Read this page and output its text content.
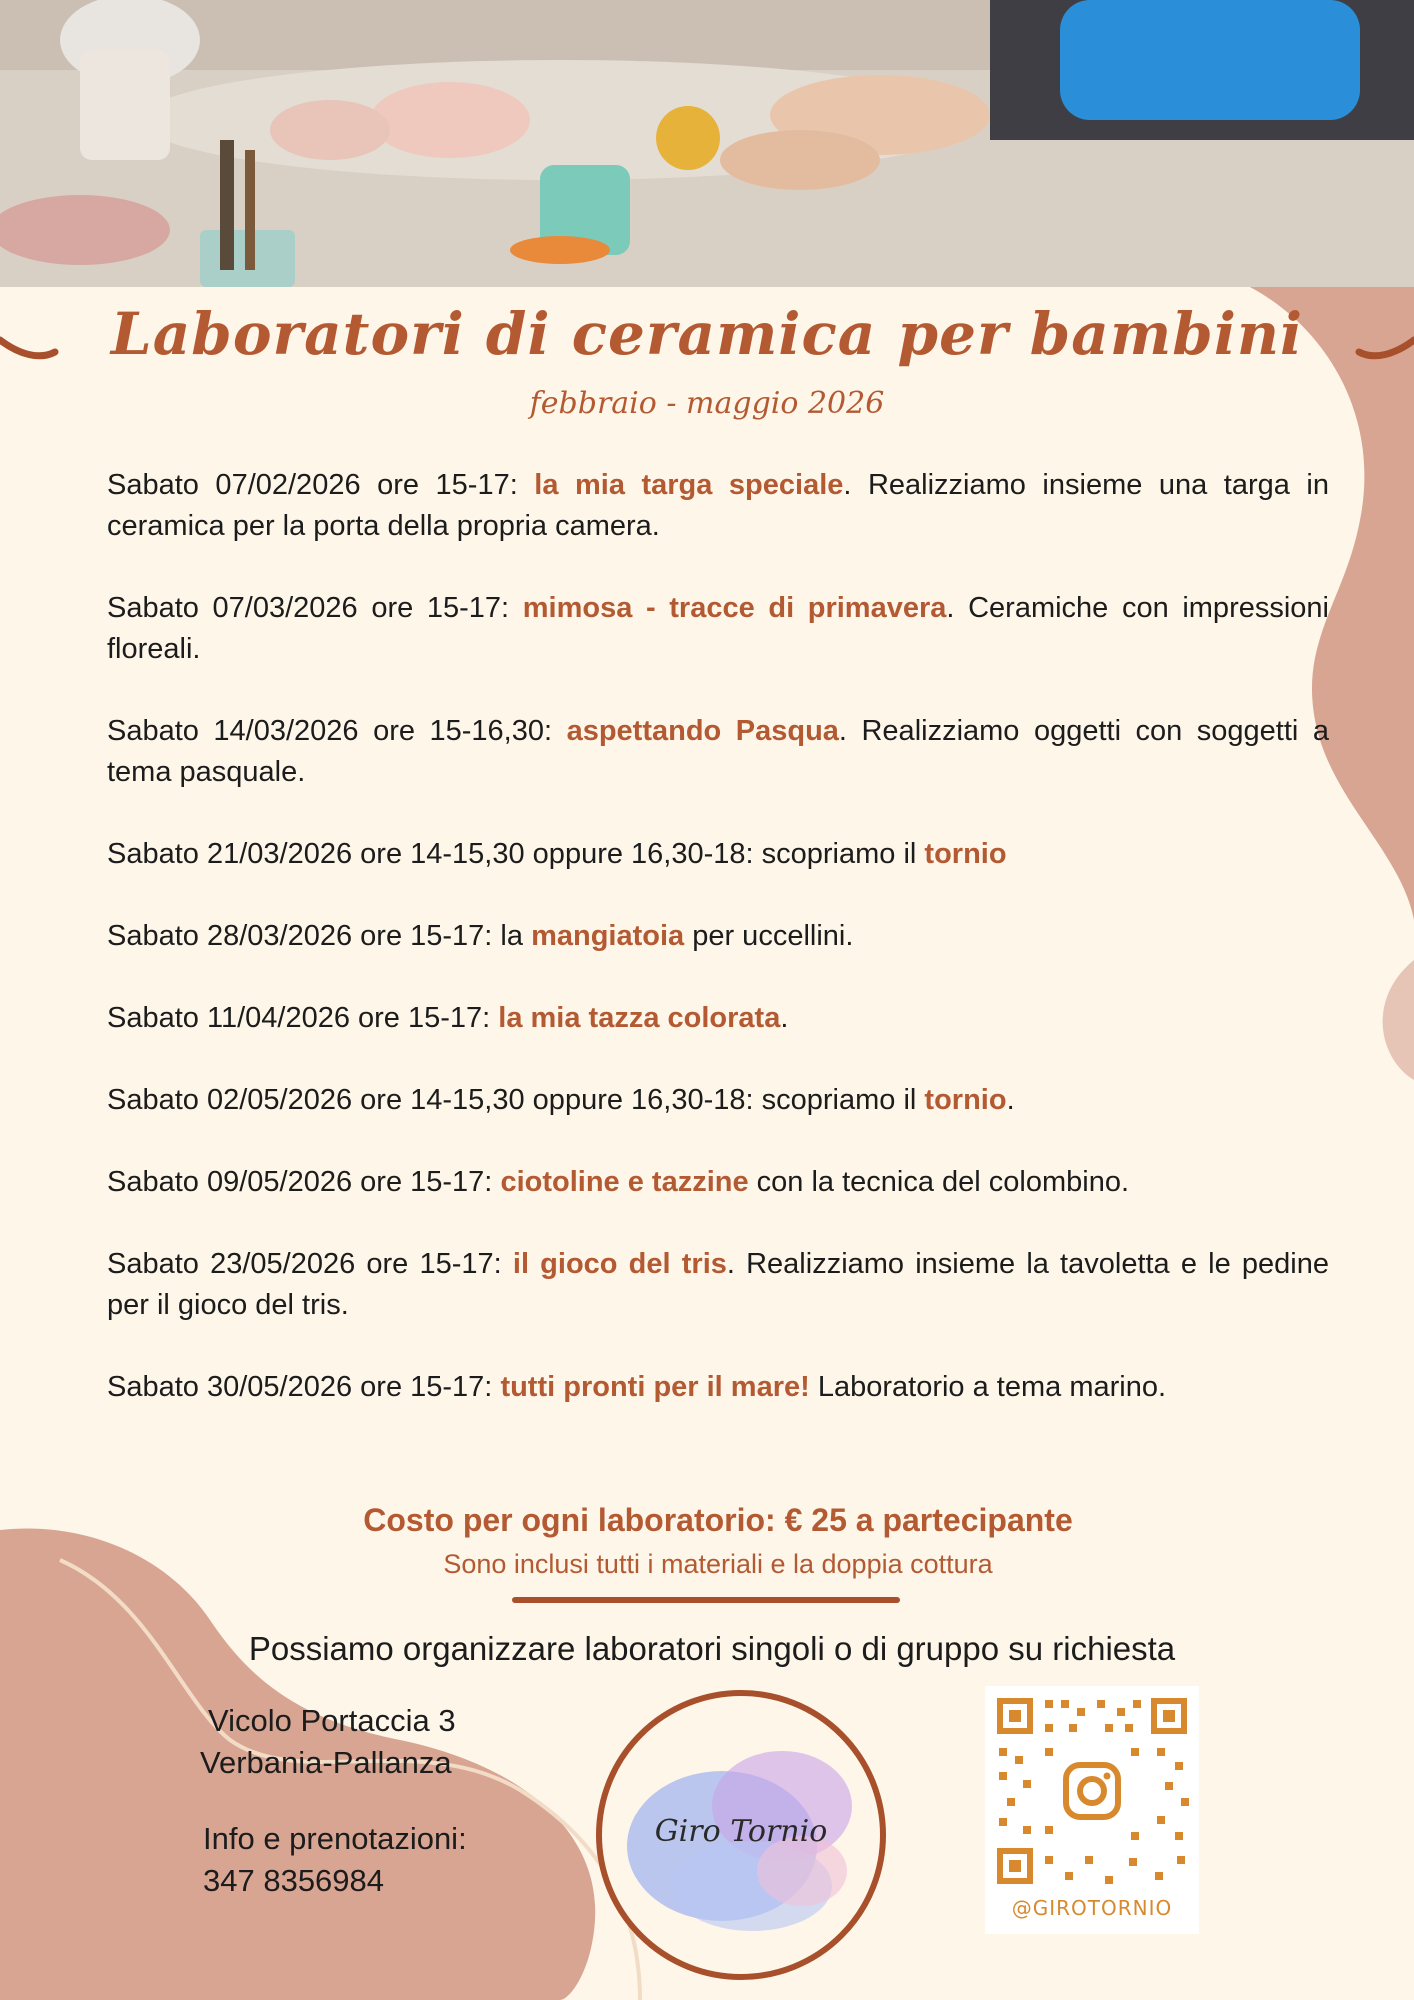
Laboratori di ceramica per bambini
febbraio - maggio 2026

Sabato 07/02/2026 ore 15-17: la mia targa speciale. Realizziamo insieme una targa in ceramica per la porta della propria camera.

Sabato 07/03/2026 ore 15-17: mimosa - tracce di primavera. Ceramiche con impressioni floreali.

Sabato 14/03/2026 ore 15-16,30: aspettando Pasqua. Realizziamo oggetti con soggetti a tema pasquale.

Sabato 21/03/2026 ore 14-15,30 oppure 16,30-18: scopriamo il tornio

Sabato 28/03/2026 ore 15-17: la mangiatoia per uccellini.

Sabato 11/04/2026 ore 15-17: la mia tazza colorata.

Sabato 02/05/2026 ore 14-15,30 oppure 16,30-18: scopriamo il tornio.

Sabato 09/05/2026 ore 15-17: ciotoline e tazzine con la tecnica del colombino.

Sabato 23/05/2026 ore 15-17: il gioco del tris. Realizziamo insieme la tavoletta e le pedine per il gioco del tris.

Sabato 30/05/2026 ore 15-17: tutti pronti per il mare! Laboratorio a tema marino.

Costo per ogni laboratorio: € 25 a partecipante
Sono inclusi tutti i materiali e la doppia cottura
Possiamo organizzare laboratori singoli o di gruppo su richiesta
Vicolo Portaccia 3
Verbania-Pallanza
Info e prenotazioni:
347 8356984
Giro Tornio
@GIROTORNIO
